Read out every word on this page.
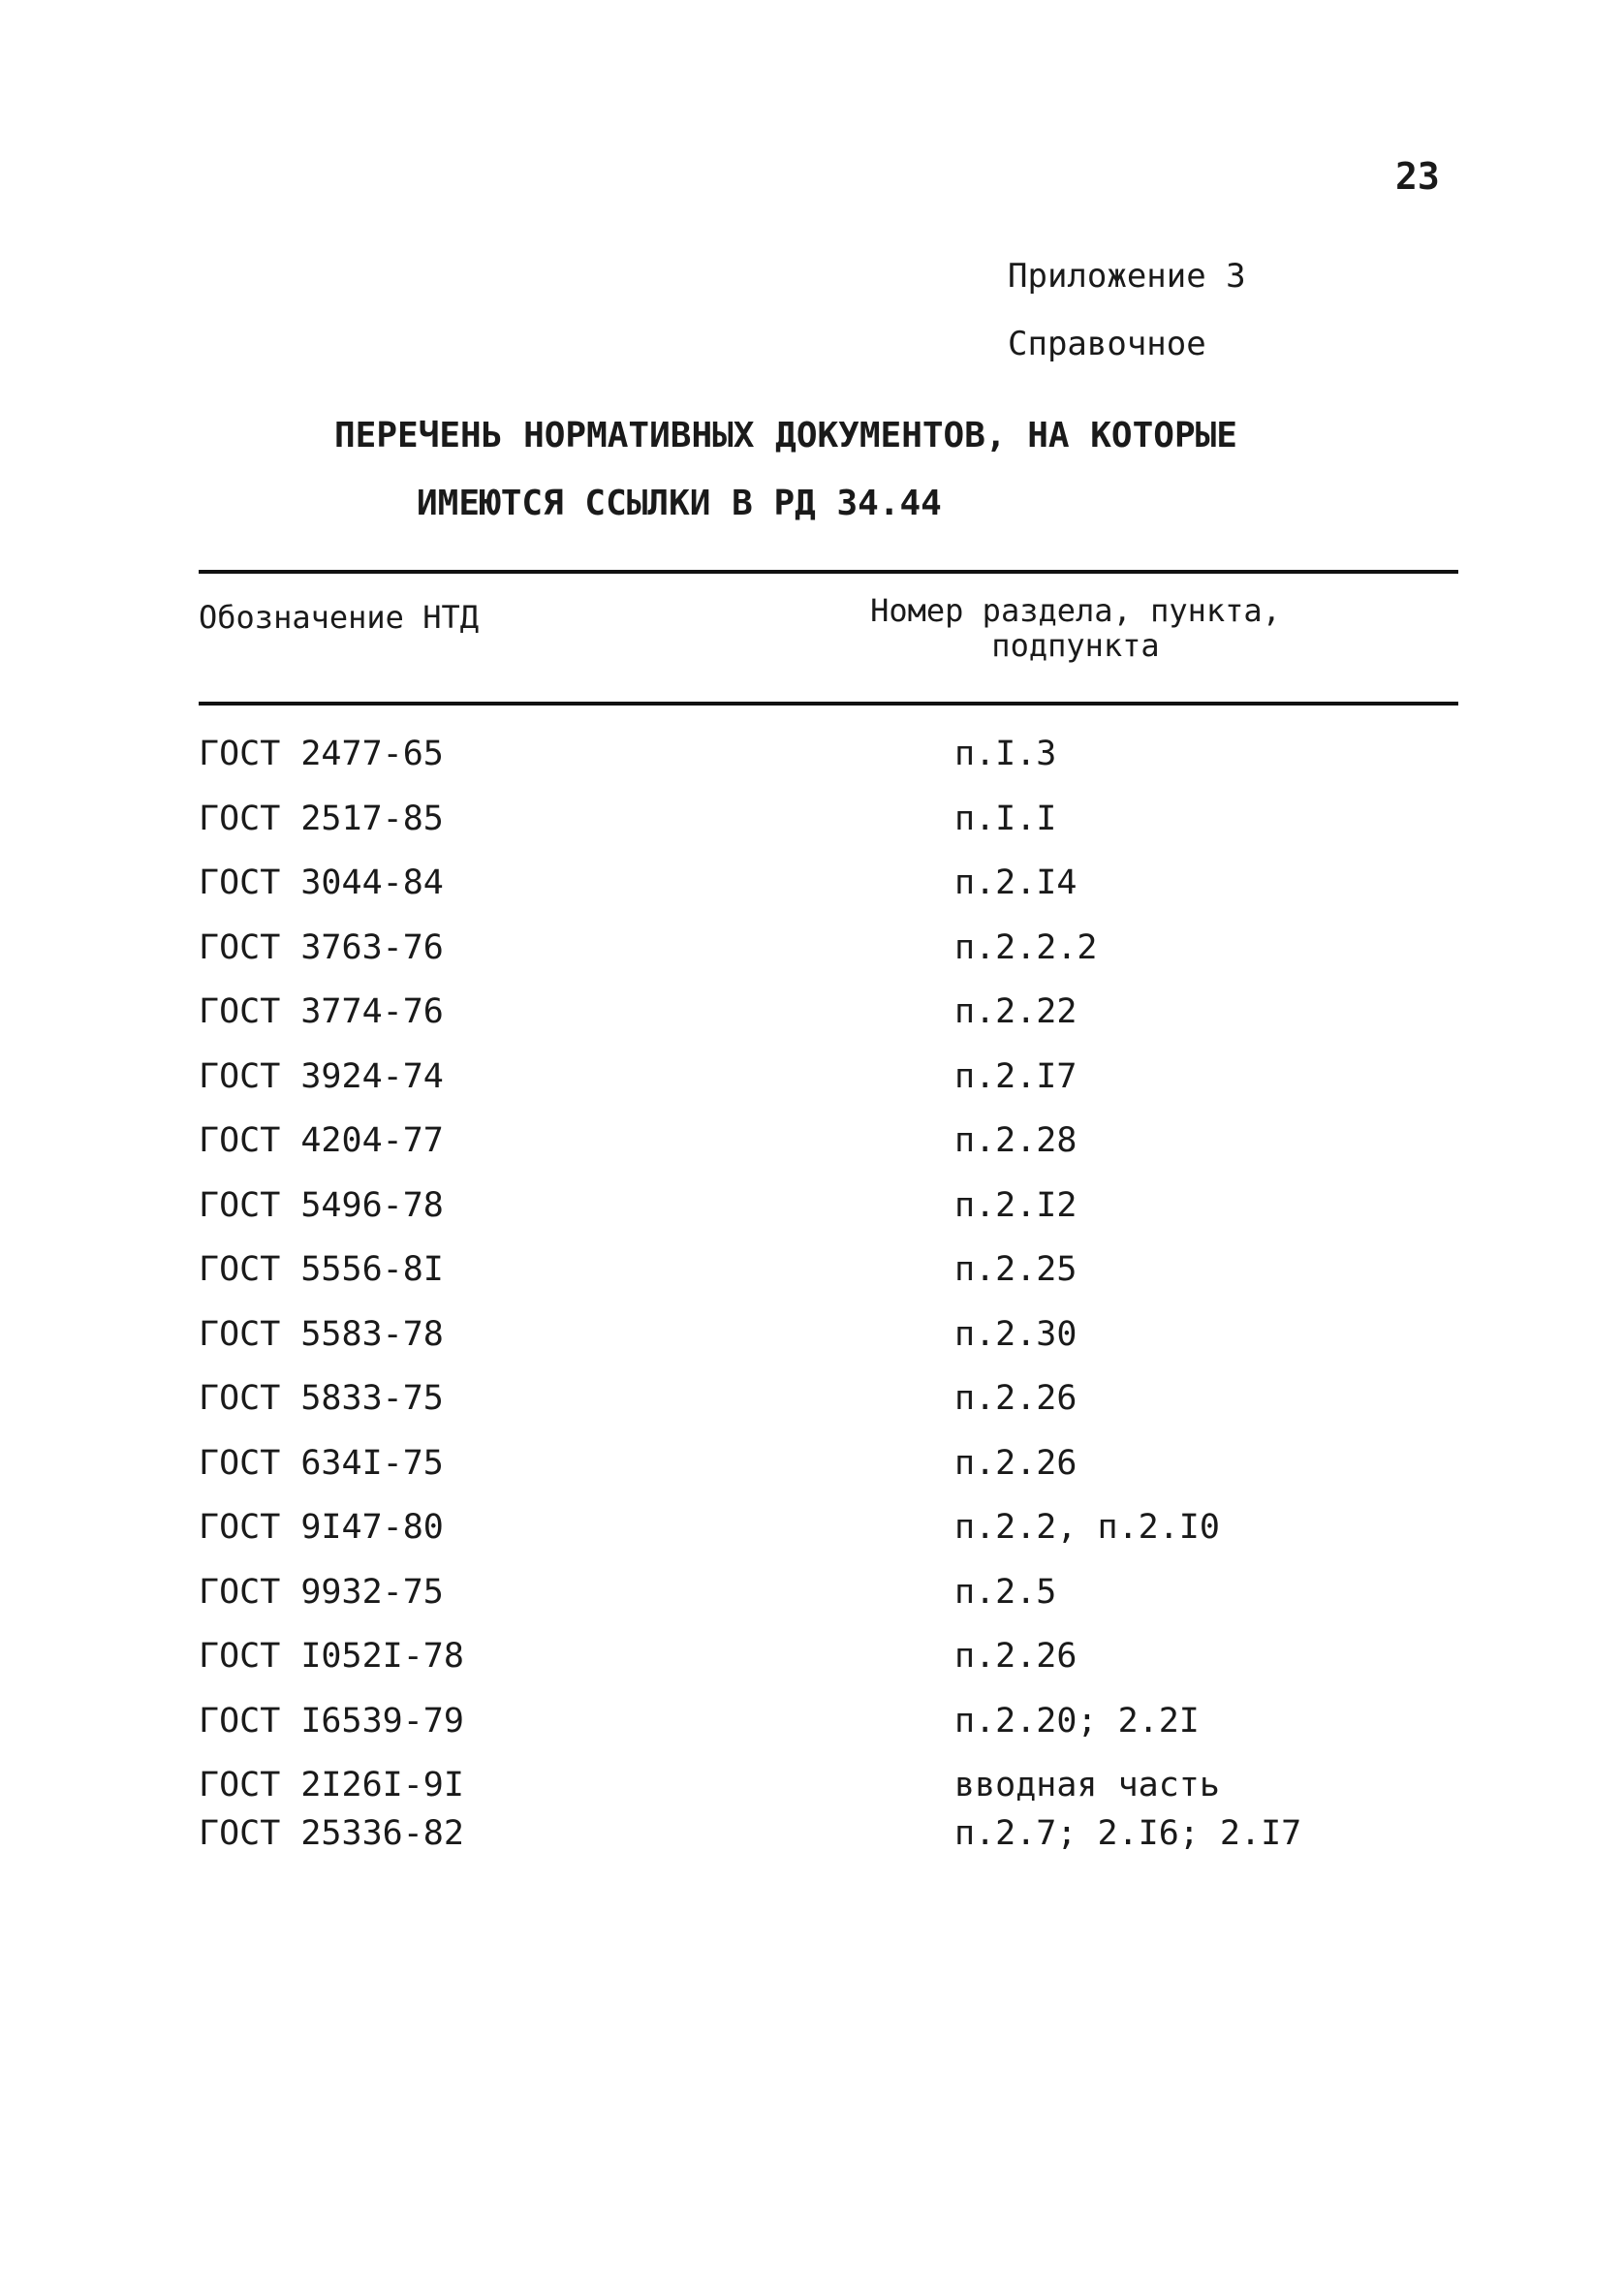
23
Приложение 3
Справочное
ПЕРЕЧЕНЬ НОРМАТИВНЫХ ДОКУМЕНТОВ, НА КОТОРЫЕ
ИМЕЮТСЯ ССЫЛКИ В РД 34.44
Обозначение НТД	Номер раздела, пункта,
подпункта
ГОСТ 2477-65	п.I.3
ГОСТ 2517-85	п.I.I
ГОСТ 3044-84	п.2.I4
ГОСТ 3763-76	п.2.2.2
ГОСТ 3774-76	п.2.22
ГОСТ 3924-74	п.2.I7
ГОСТ 4204-77	п.2.28
ГОСТ 5496-78	п.2.I2
ГОСТ 5556-8I	п.2.25
ГОСТ 5583-78	п.2.30
ГОСТ 5833-75	п.2.26
ГОСТ 634I-75	п.2.26
ГОСТ 9I47-80	п.2.2, п.2.I0
ГОСТ 9932-75	п.2.5
ГОСТ I052I-78	п.2.26
ГОСТ I6539-79	п.2.20; 2.2I
ГОСТ 2I26I-9I	вводная часть
ГОСТ 25336-82	п.2.7; 2.I6; 2.I7
